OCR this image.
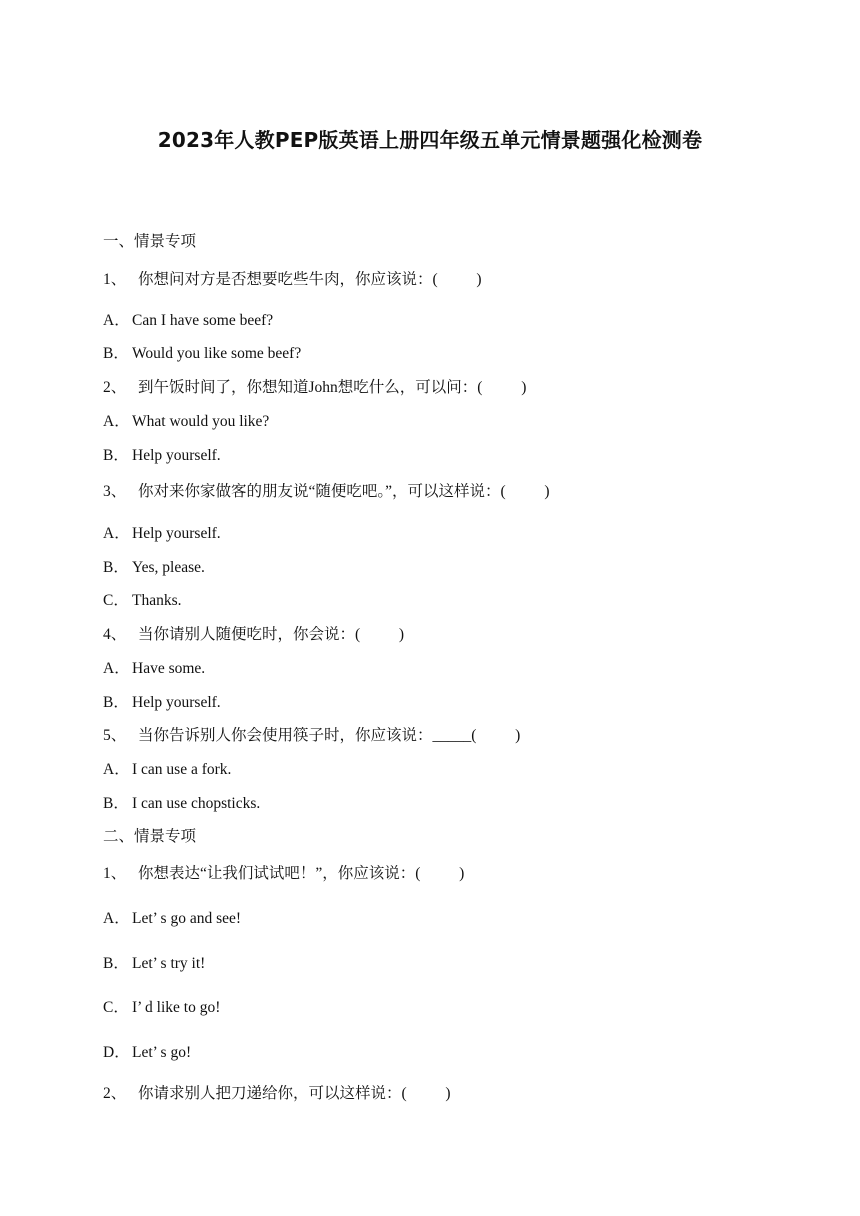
2023年人教PEP版英语上册四年级五单元情景题强化检测卷
一、情景专项
1、 你想问对方是否想要吃些牛肉，你应该说：(          )
A． Can I have some beef?
B． Would you like some beef?
2、 到午饭时间了，你想知道John想吃什么，可以问：(          )
A． What would you like?
B． Help yourself.
3、 你对来你家做客的朋友说“随便吃吧。”，可以这样说：(          )
A． Help yourself.
B． Yes, please.
C． Thanks.
4、 当你请别人随便吃时，你会说：(          )
A． Have some.
B． Help yourself.
5、 当你告诉别人你会使用筷子时，你应该说：_____(          )
A． I can use a fork.
B． I can use chopsticks.
二、情景专项
1、 你想表达“让我们试试吧！”，你应该说：(          )
A． Let’ s go and see!
B． Let’ s try it!
C． I’ d like to go!
D． Let’ s go!
2、 你请求别人把刀递给你，可以这样说：(          )
